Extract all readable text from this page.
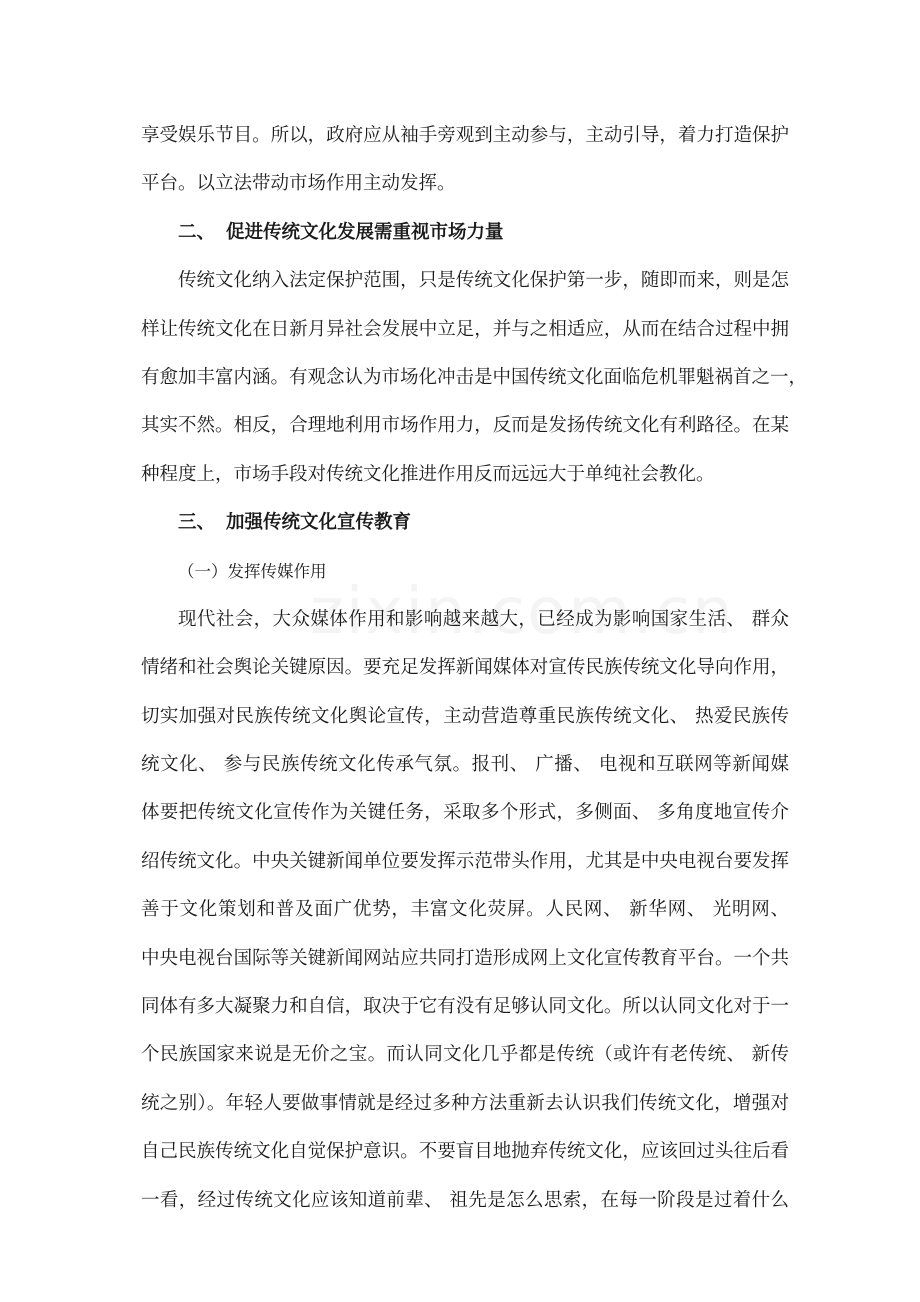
享受娱乐节目。所以，政府应从袖手旁观到主动参与，主动引导，着力打造保护
平台。以立法带动市场作用主动发挥。
二、 促进传统文化发展需重视市场力量
传统文化纳入法定保护范围，只是传统文化保护第一步，随即而来，则是怎
样让传统文化在日新月异社会发展中立足，并与之相适应，从而在结合过程中拥
有愈加丰富内涵。有观念认为市场化冲击是中国传统文化面临危机罪魁祸首之一，
其实不然。相反，合理地利用市场作用力，反而是发扬传统文化有利路径。在某
种程度上，市场手段对传统文化推进作用反而远远大于单纯社会教化。
三、 加强传统文化宣传教育
（一）发挥传媒作用
现代社会，大众媒体作用和影响越来越大，已经成为影响国家生活、 群众
情绪和社会舆论关键原因。要充足发挥新闻媒体对宣传民族传统文化导向作用，
切实加强对民族传统文化舆论宣传，主动营造尊重民族传统文化、 热爱民族传
统文化、 参与民族传统文化传承气氛。报刊、 广播、 电视和互联网等新闻媒
体要把传统文化宣传作为关键任务，采取多个形式，多侧面、 多角度地宣传介
绍传统文化。中央关键新闻单位要发挥示范带头作用，尤其是中央电视台要发挥
善于文化策划和普及面广优势，丰富文化荧屏。人民网、 新华网、 光明网、
中央电视台国际等关键新闻网站应共同打造形成网上文化宣传教育平台。一个共
同体有多大凝聚力和自信，取决于它有没有足够认同文化。所以认同文化对于一
个民族国家来说是无价之宝。而认同文化几乎都是传统（或许有老传统、 新传
统之别）。年轻人要做事情就是经过多种方法重新去认识我们传统文化，增强对
自己民族传统文化自觉保护意识。不要盲目地抛弃传统文化，应该回过头往后看
一看，经过传统文化应该知道前辈、 祖先是怎么思索，在每一阶段是过着什么
